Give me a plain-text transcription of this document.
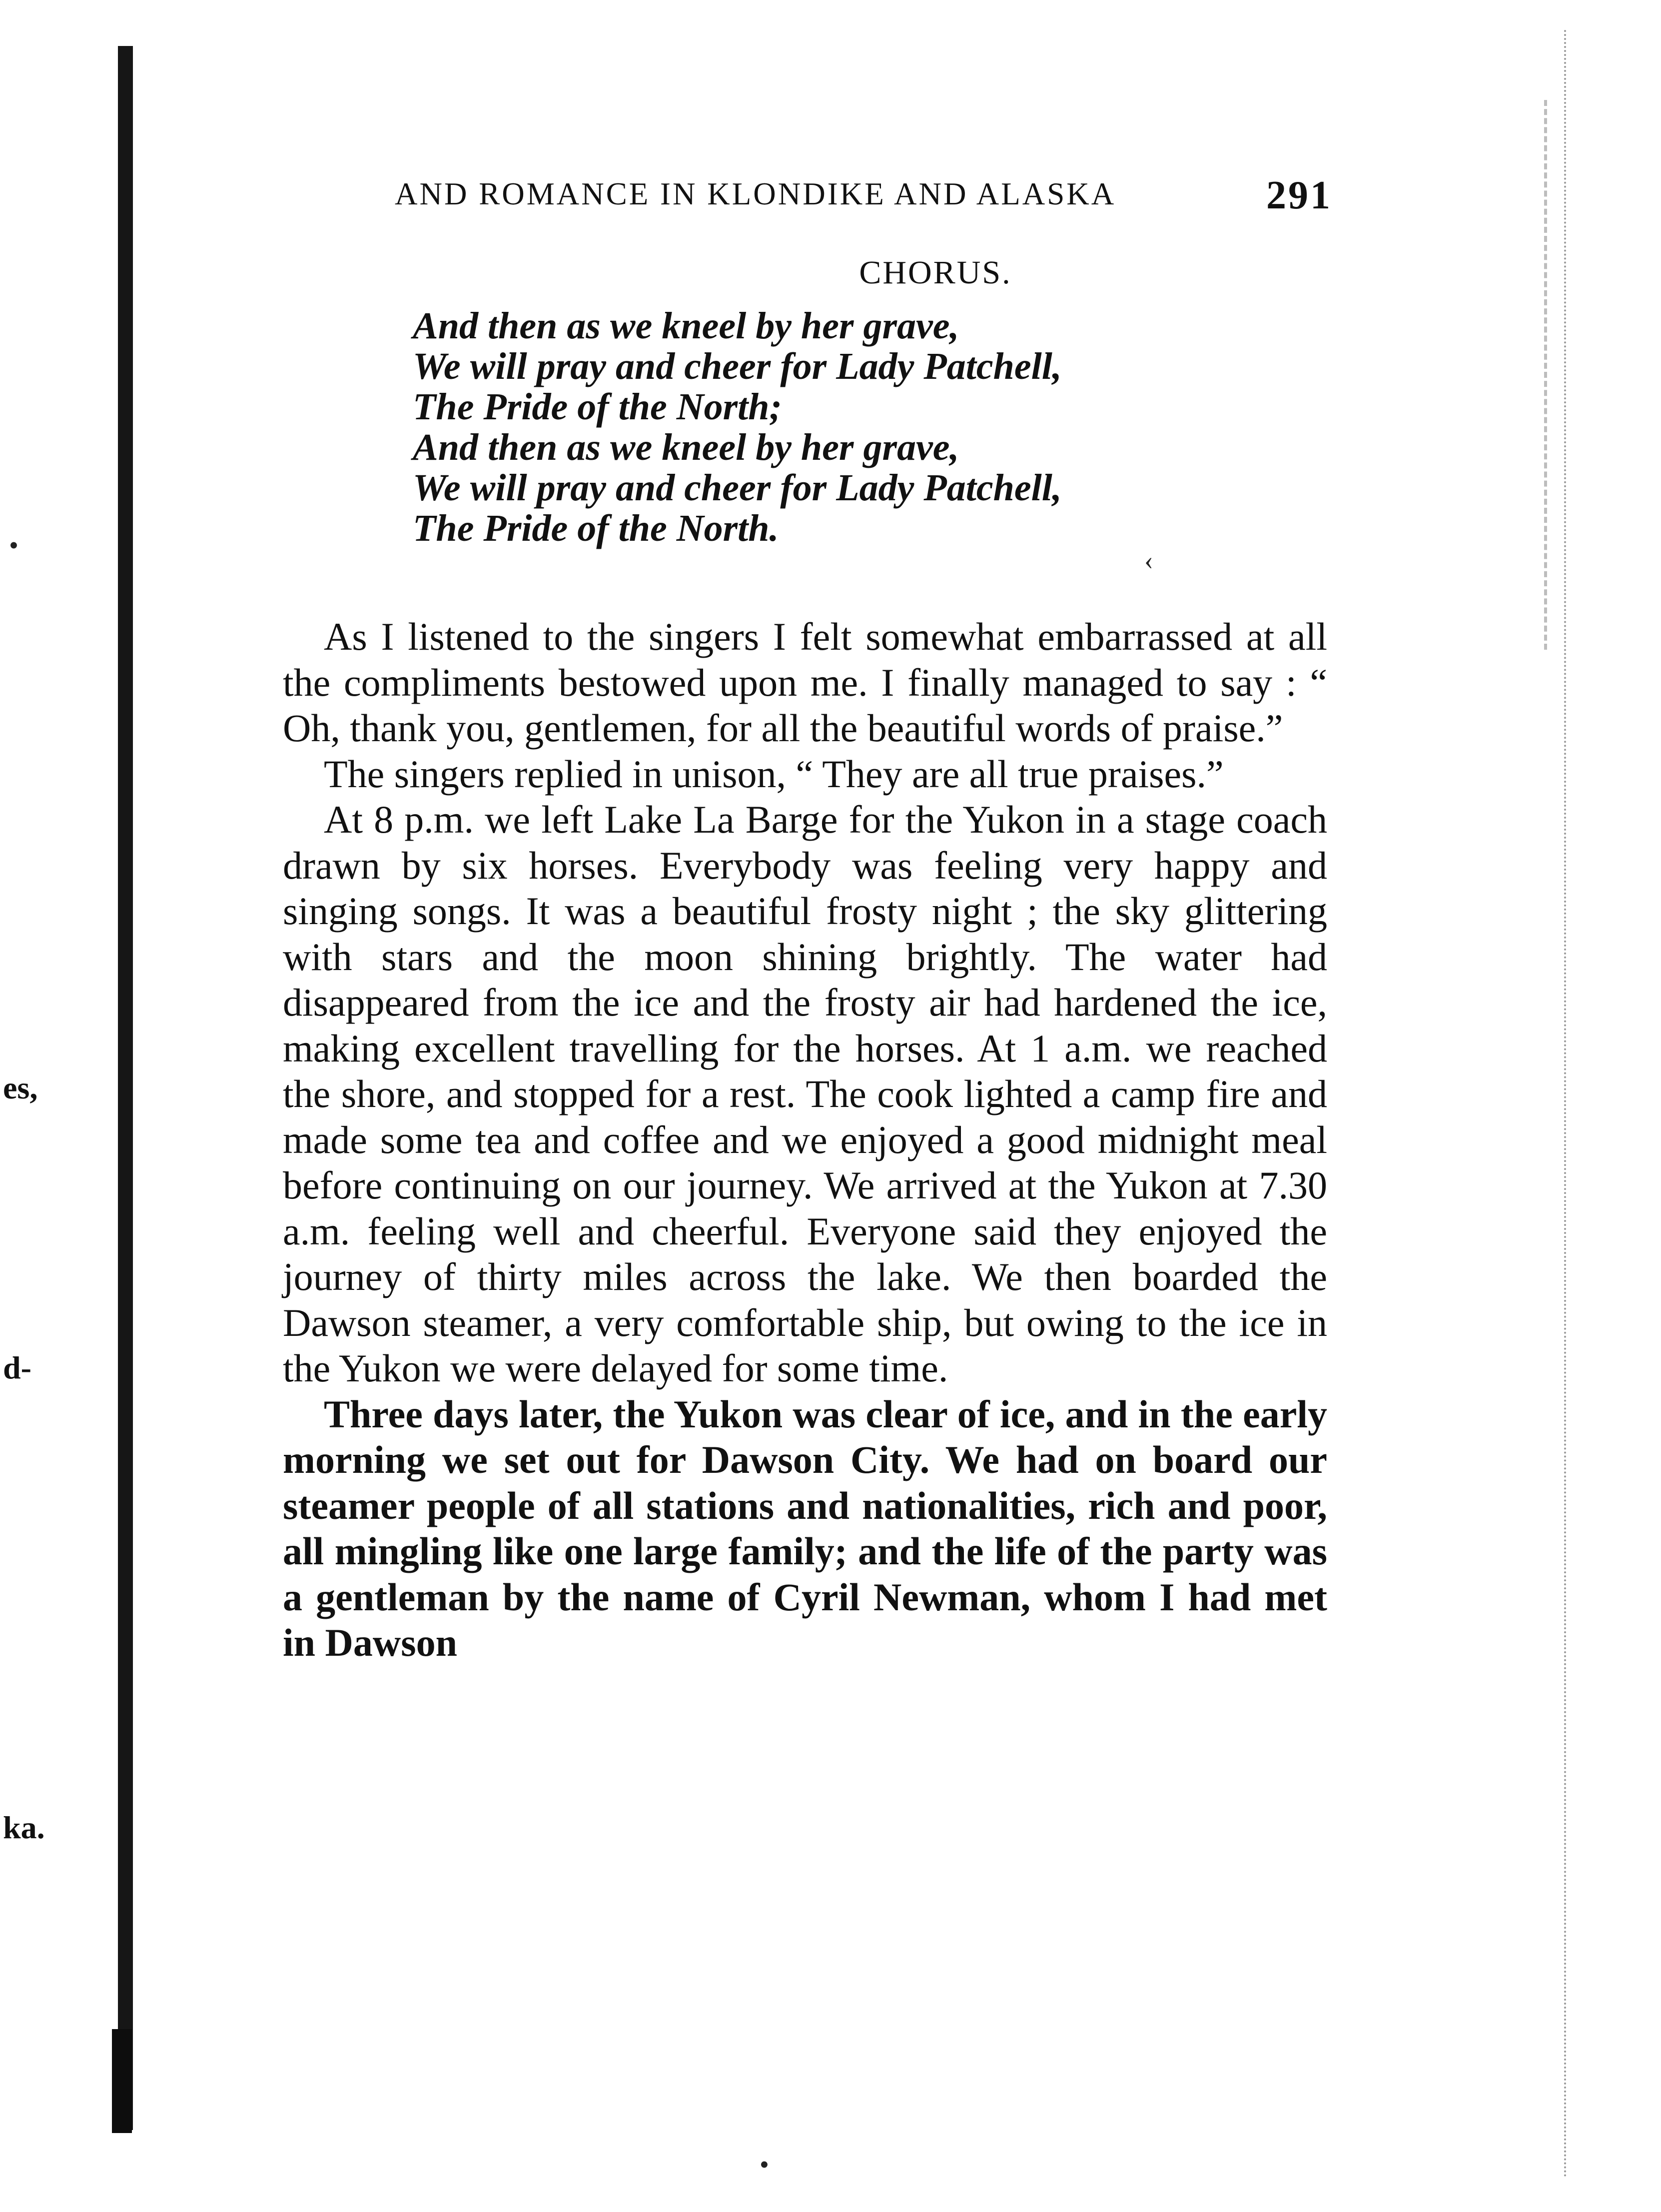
es,
d-
ka.
AND ROMANCE IN KLONDIKE AND ALASKA	291
CHORUS.
And then as we kneel by her grave,
We will pray and cheer for Lady Patchell,
The Pride of the North;
And then as we kneel by her grave,
We will pray and cheer for Lady Patchell,
The Pride of the North.

As I listened to the singers I felt somewhat embarrassed at all the compliments bestowed upon me. I finally managed to say : “ Oh, thank you, gentlemen, for all the beautiful words of praise.”

The singers replied in unison, “ They are all true praises.”

At 8 p.m. we left Lake La Barge for the Yukon in a stage coach drawn by six horses. Everybody was feeling very happy and singing songs. It was a beautiful frosty night ; the sky glittering with stars and the moon shining brightly. The water had disappeared from the ice and the frosty air had hardened the ice, making excellent travelling for the horses. At 1 a.m. we reached the shore, and stopped for a rest. The cook lighted a camp fire and made some tea and coffee and we enjoyed a good midnight meal before continuing on our journey. We arrived at the Yukon at 7.30 a.m. feeling well and cheerful. Everyone said they enjoyed the journey of thirty miles across the lake. We then boarded the Dawson steamer, a very comfortable ship, but owing to the ice in the Yukon we were delayed for some time.

Three days later, the Yukon was clear of ice, and in the early morning we set out for Dawson City. We had on board our steamer people of all stations and nationalities, rich and poor, all mingling like one large family; and the life of the party was a gentleman by the name of Cyril Newman, whom I had met in Dawson

•	‹
•
